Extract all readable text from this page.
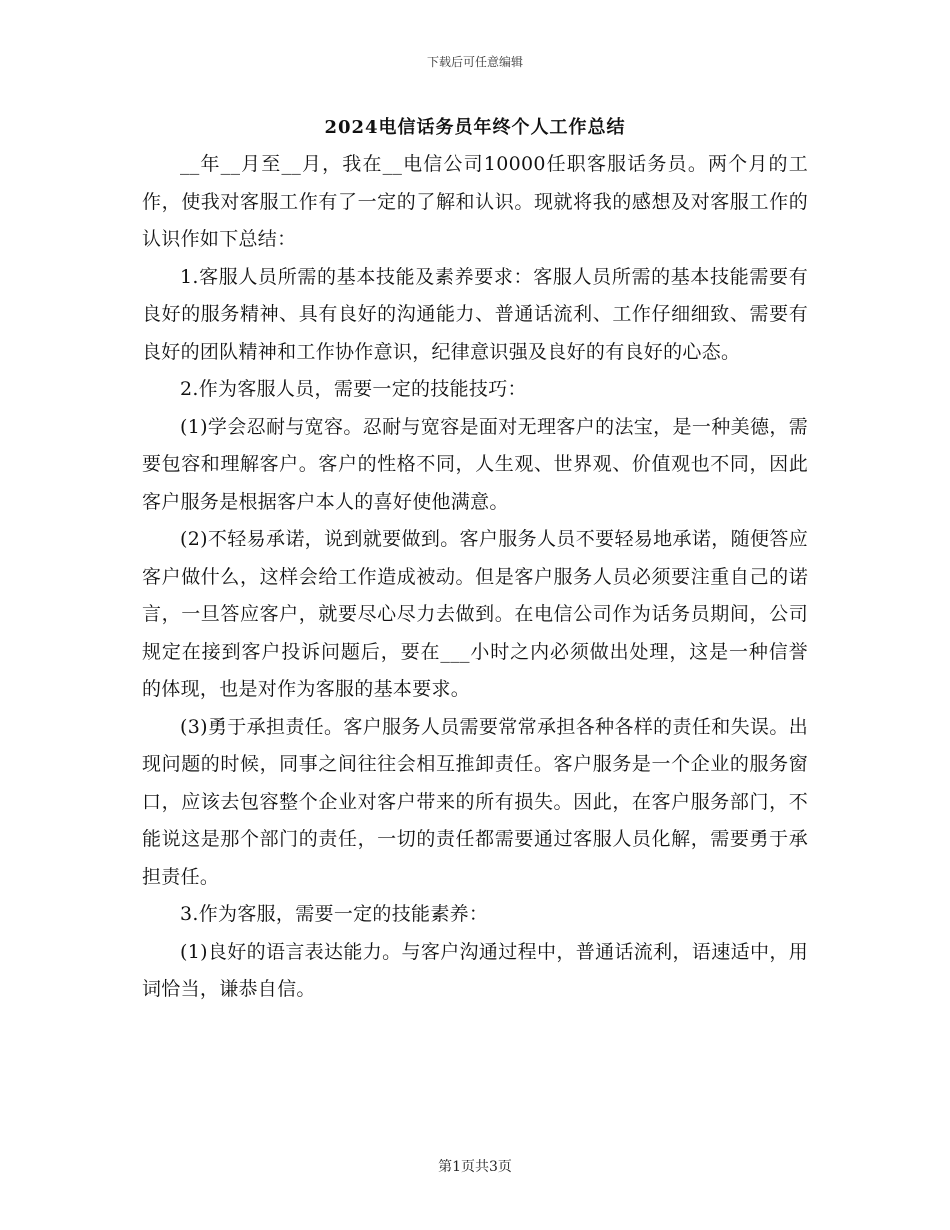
下载后可任意编辑
2024电信话务员年终个人工作总结

__年__月至__月，我在__电信公司10000任职客服话务员。两个月的工作，使我对客服工作有了一定的了解和认识。现就将我的感想及对客服工作的认识作如下总结：

1.客服人员所需的基本技能及素养要求：客服人员所需的基本技能需要有良好的服务精神、具有良好的沟通能力、普通话流利、工作仔细细致、需要有良好的团队精神和工作协作意识，纪律意识强及良好的有良好的心态。

2.作为客服人员，需要一定的技能技巧：

(1)学会忍耐与宽容。忍耐与宽容是面对无理客户的法宝，是一种美德，需要包容和理解客户。客户的性格不同，人生观、世界观、价值观也不同，因此客户服务是根据客户本人的喜好使他满意。

(2)不轻易承诺，说到就要做到。客户服务人员不要轻易地承诺，随便答应客户做什么，这样会给工作造成被动。但是客户服务人员必须要注重自己的诺言，一旦答应客户，就要尽心尽力去做到。在电信公司作为话务员期间，公司规定在接到客户投诉问题后，要在___小时之内必须做出处理，这是一种信誉的体现，也是对作为客服的基本要求。

(3)勇于承担责任。客户服务人员需要常常承担各种各样的责任和失误。出现问题的时候，同事之间往往会相互推卸责任。客户服务是一个企业的服务窗口，应该去包容整个企业对客户带来的所有损失。因此，在客户服务部门，不能说这是那个部门的责任，一切的责任都需要通过客服人员化解，需要勇于承担责任。

3.作为客服，需要一定的技能素养：

(1)良好的语言表达能力。与客户沟通过程中，普通话流利，语速适中，用词恰当，谦恭自信。

第1页共3页
